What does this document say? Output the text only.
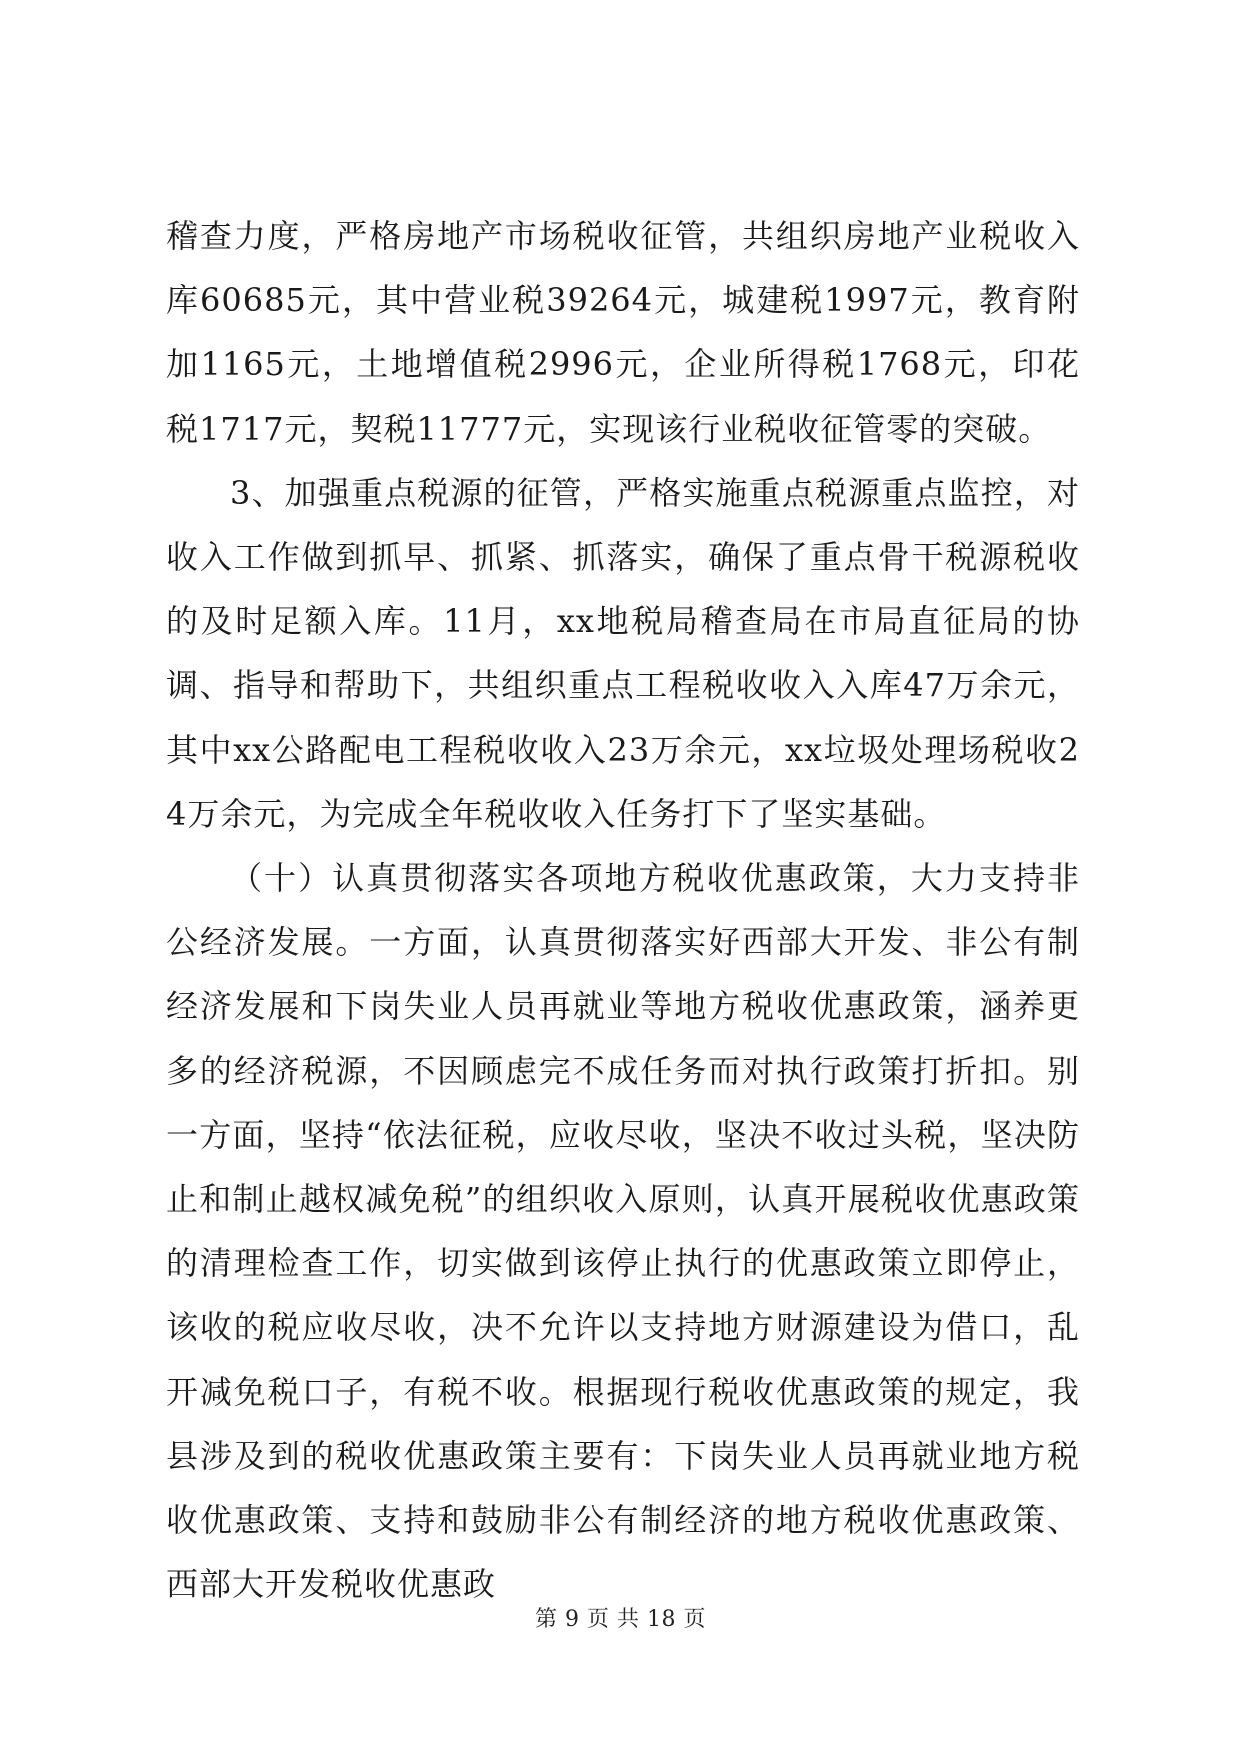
稽查力度，严格房地产市场税收征管，共组织房地产业税收入库60685元，其中营业税39264元，城建税1997元，教育附加1165元，土地增值税2996元，企业所得税1768元，印花税1717元，契税11777元，实现该行业税收征管零的突破。

3、加强重点税源的征管，严格实施重点税源重点监控，对收入工作做到抓早、抓紧、抓落实，确保了重点骨干税源税收的及时足额入库。11月，xx地税局稽查局在市局直征局的协调、指导和帮助下，共组织重点工程税收收入入库47万余元，其中xx公路配电工程税收收入23万余元，xx垃圾处理场税收24万余元，为完成全年税收收入任务打下了坚实基础。

（十）认真贯彻落实各项地方税收优惠政策，大力支持非公经济发展。一方面，认真贯彻落实好西部大开发、非公有制经济发展和下岗失业人员再就业等地方税收优惠政策，涵养更多的经济税源，不因顾虑完不成任务而对执行政策打折扣。别一方面，坚持“依法征税，应收尽收，坚决不收过头税，坚决防止和制止越权减免税”的组织收入原则，认真开展税收优惠政策的清理检查工作，切实做到该停止执行的优惠政策立即停止，该收的税应收尽收，决不允许以支持地方财源建设为借口，乱开减免税口子，有税不收。根据现行税收优惠政策的规定，我县涉及到的税收优惠政策主要有：下岗失业人员再就业地方税收优惠政策、支持和鼓励非公有制经济的地方税收优惠政策、西部大开发税收优惠政

第 9 页 共 18 页
